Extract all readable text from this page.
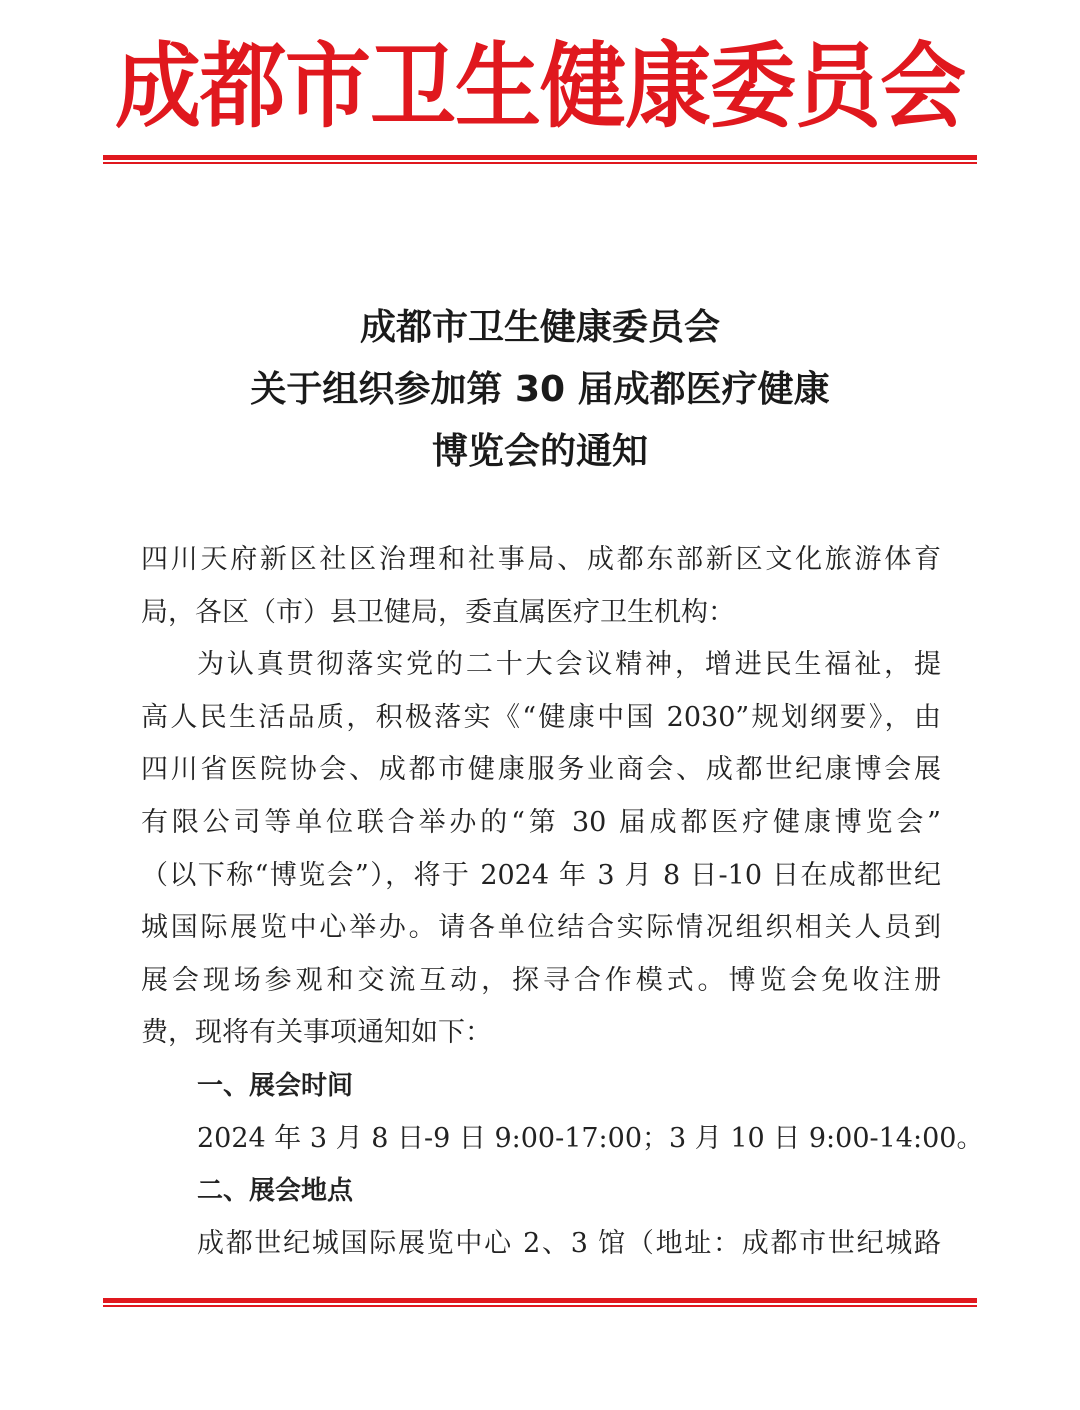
成都市卫生健康委员会
成都市卫生健康委员会
关于组织参加第 30 届成都医疗健康
博览会的通知
四川天府新区社区治理和社事局、成都东部新区文化旅游体育
局，各区（市）县卫健局，委直属医疗卫生机构：
为认真贯彻落实党的二十大会议精神，增进民生福祉，提
高人民生活品质，积极落实《“健康中国 2030”规划纲要》，由
四川省医院协会、成都市健康服务业商会、成都世纪康博会展
有限公司等单位联合举办的“第 30 届成都医疗健康博览会”
（以下称“博览会”），将于 2024 年 3 月 8 日-10 日在成都世纪
城国际展览中心举办。请各单位结合实际情况组织相关人员到
展会现场参观和交流互动，探寻合作模式。博览会免收注册
费，现将有关事项通知如下：
一、展会时间
2024 年 3 月 8 日-9 日 9:00-17:00；3 月 10 日 9:00-14:00。
二、展会地点
成都世纪城国际展览中心 2、3 馆（地址：成都市世纪城路
